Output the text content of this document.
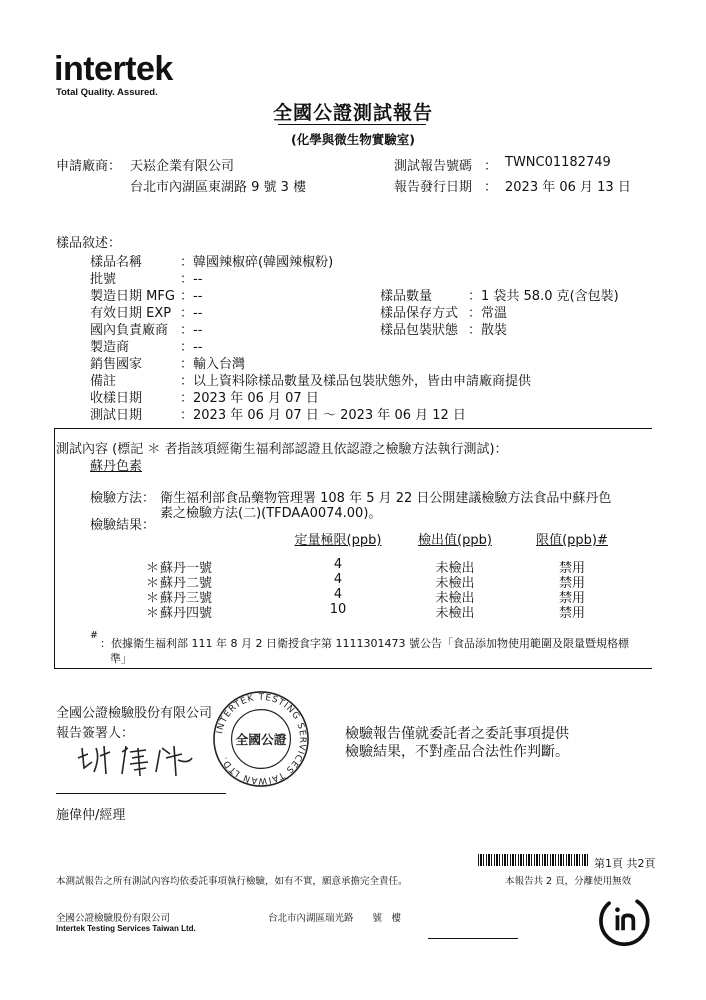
intertek
Total Quality. Assured.
全國公證測試報告
(化學與微生物實驗室)
申請廠商： 天崧企業有限公司
台北市內湖區東湖路 9 號 3 樓
測試報告號碼 ： TWNC01182749
報告發行日期 ： 2023 年 06 月 13 日
樣品敘述：
樣品名稱	：韓國辣椒碎(韓國辣椒粉)
批號	：--
製造日期 MFG ：--
有效日期 EXP ：--
國內負責廠商 ：--
製造商	：--
銷售國家	：輸入台灣
備註	：以上資料除樣品數量及樣品包裝狀態外，皆由申請廠商提供
收樣日期	：2023 年 06 月 07 日
測試日期	：2023 年 06 月 07 日 ～ 2023 年 06 月 12 日
樣品數量	：1 袋共 58.0 克(含包裝)
樣品保存方式 ：常溫
樣品包裝狀態 ：散裝
測試內容 (標記 ＊ 者指該項經衛生福利部認證且依認證之檢驗方法執行測試)：
蘇丹色素
檢驗方法： 衛生福利部食品藥物管理署 108 年 5 月 22 日公開建議檢驗方法食品中蘇丹色
素之檢驗方法(二)(TFDAA0074.00)。
檢驗結果：
定量極限(ppb)	檢出值(ppb)	限值(ppb)#
＊ 蘇丹一號	4	未檢出	禁用
＊ 蘇丹二號	4	未檢出	禁用
＊ 蘇丹三號	4	未檢出	禁用
＊ 蘇丹四號	10	未檢出	禁用
#
：依據衛生福利部 111 年 8 月 2 日衛授食字第 1111301473 號公告「食品添加物使用範圍及限量暨規格標
準」
全國公證檢驗股份有限公司
報告簽署人：
施偉仲/經理
INTERTEK TESTING SERVICES TAIWAN LTD.
全國公證	檢驗報告僅就委託者之委託事項提供
檢驗結果，不對產品合法性作判斷。
第1頁 共2頁
本測試報告之所有測試內容均依委託事項執行檢驗，如有不實，願意承擔完全責任。	本報告共 2 頁，分離使用無效
全國公證檢驗股份有限公司
Intertek Testing Services Taiwan Ltd.
台北市內湖區瑞光路　　號　樓
